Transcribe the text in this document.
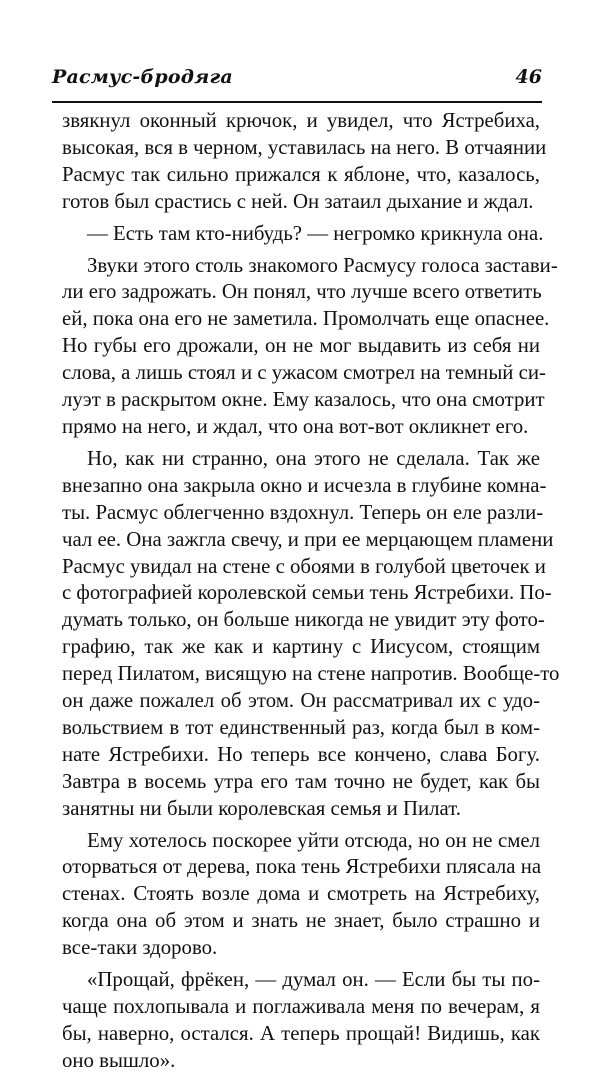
Расмус-бродяга	46

звякнул оконный крючок, и увидел, что Ястребиха,
высокая, вся в черном, уставилась на него. В отчаянии
Расмус так сильно прижался к яблоне, что, казалось,
готов был срастись с ней. Он затаил дыхание и ждал.

— Есть там кто-нибудь? — негромко крикнула она.

Звуки этого столь знакомого Расмусу голоса застави-
ли его задрожать. Он понял, что лучше всего ответить
ей, пока она его не заметила. Промолчать еще опаснее.
Но губы его дрожали, он не мог выдавить из себя ни
слова, а лишь стоял и с ужасом смотрел на темный си-
луэт в раскрытом окне. Ему казалось, что она смотрит
прямо на него, и ждал, что она вот-вот окликнет его.

Но, как ни странно, она этого не сделала. Так же
внезапно она закрыла окно и исчезла в глубине комна-
ты. Расмус облегченно вздохнул. Теперь он еле разли-
чал ее. Она зажгла свечу, и при ее мерцающем пламени
Расмус увидал на стене с обоями в голубой цветочек и
с фотографией королевской семьи тень Ястребихи. По-
думать только, он больше никогда не увидит эту фото-
графию, так же как и картину с Иисусом, стоящим
перед Пилатом, висящую на стене напротив. Вообще-то
он даже пожалел об этом. Он рассматривал их с удо-
вольствием в тот единственный раз, когда был в ком-
нате Ястребихи. Но теперь все кончено, слава Богу.
Завтра в восемь утра его там точно не будет, как бы
занятны ни были королевская семья и Пилат.

Ему хотелось поскорее уйти отсюда, но он не смел
оторваться от дерева, пока тень Ястребихи плясала на
стенах. Стоять возле дома и смотреть на Ястребиху,
когда она об этом и знать не знает, было страшно и
все-таки здорово.

«Прощай, фрёкен, — думал он. — Если бы ты по-
чаще похлопывала и поглаживала меня по вечерам, я
бы, наверно, остался. А теперь прощай! Видишь, как
оно вышло».
